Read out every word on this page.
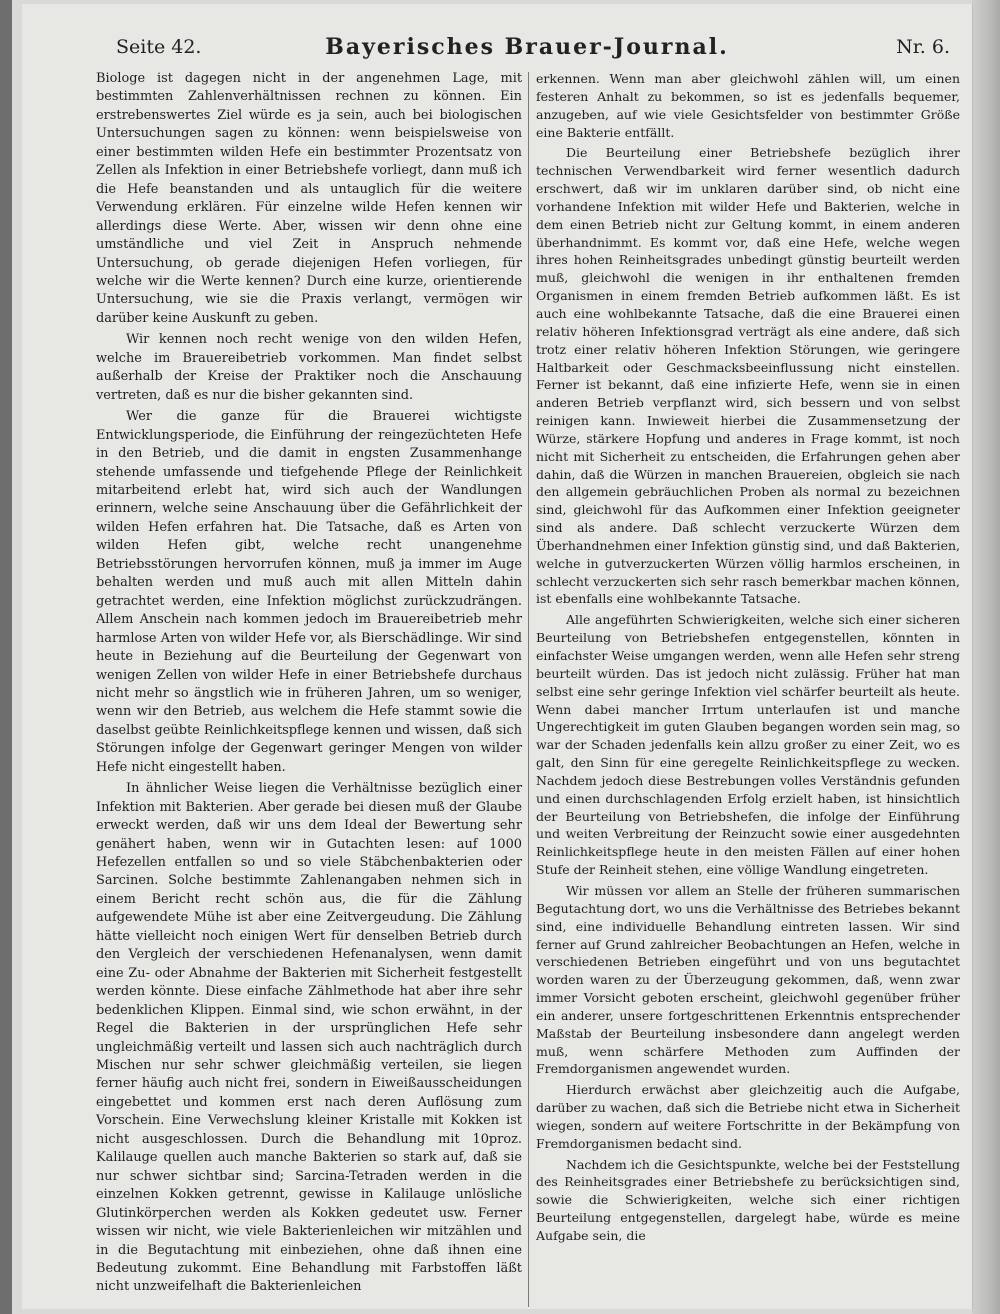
Seite 42.	Bayerisches Brauer-Journal.	Nr. 6.

Biologe ist dagegen nicht in der angenehmen Lage, mit bestimmten Zahlenverhältnissen rechnen zu können. Ein erstrebenswertes Ziel würde es ja sein, auch bei biologischen Untersuchungen sagen zu können: wenn beispielsweise von einer bestimmten wilden Hefe ein bestimmter Prozentsatz von Zellen als Infektion in einer Betriebshefe vorliegt, dann muß ich die Hefe beanstanden und als untauglich für die weitere Verwendung erklären. Für einzelne wilde Hefen kennen wir allerdings diese Werte. Aber, wissen wir denn ohne eine umständliche und viel Zeit in Anspruch nehmende Untersuchung, ob gerade diejenigen Hefen vorliegen, für welche wir die Werte kennen? Durch eine kurze, orientierende Untersuchung, wie sie die Praxis verlangt, vermögen wir darüber keine Auskunft zu geben.

Wir kennen noch recht wenige von den wilden Hefen, welche im Brauereibetrieb vorkommen. Man findet selbst außerhalb der Kreise der Praktiker noch die Anschauung vertreten, daß es nur die bisher gekannten sind.

Wer die ganze für die Brauerei wichtigste Entwicklungsperiode, die Einführung der reingezüchteten Hefe in den Betrieb, und die damit in engsten Zusammenhange stehende umfassende und tiefgehende Pflege der Reinlichkeit mitarbeitend erlebt hat, wird sich auch der Wandlungen erinnern, welche seine Anschauung über die Gefährlichkeit der wilden Hefen erfahren hat. Die Tatsache, daß es Arten von wilden Hefen gibt, welche recht unangenehme Betriebsstörungen hervorrufen können, muß ja immer im Auge behalten werden und muß auch mit allen Mitteln dahin getrachtet werden, eine Infektion möglichst zurückzudrängen. Allem Anschein nach kommen jedoch im Brauereibetrieb mehr harmlose Arten von wilder Hefe vor, als Bierschädlinge. Wir sind heute in Beziehung auf die Beurteilung der Gegenwart von wenigen Zellen von wilder Hefe in einer Betriebshefe durchaus nicht mehr so ängstlich wie in früheren Jahren, um so weniger, wenn wir den Betrieb, aus welchem die Hefe stammt sowie die daselbst geübte Reinlichkeitspflege kennen und wissen, daß sich Störungen infolge der Gegenwart geringer Mengen von wilder Hefe nicht eingestellt haben.

In ähnlicher Weise liegen die Verhältnisse bezüglich einer Infektion mit Bakterien. Aber gerade bei diesen muß der Glaube erweckt werden, daß wir uns dem Ideal der Bewertung sehr genähert haben, wenn wir in Gutachten lesen: auf 1000 Hefezellen entfallen so und so viele Stäbchenbakterien oder Sarcinen. Solche bestimmte Zahlenangaben nehmen sich in einem Bericht recht schön aus, die für die Zählung aufgewendete Mühe ist aber eine Zeitvergeudung. Die Zählung hätte vielleicht noch einigen Wert für denselben Betrieb durch den Vergleich der verschiedenen Hefenanalysen, wenn damit eine Zu- oder Abnahme der Bakterien mit Sicherheit festgestellt werden könnte. Diese einfache Zählmethode hat aber ihre sehr bedenklichen Klippen. Einmal sind, wie schon erwähnt, in der Regel die Bakterien in der ursprünglichen Hefe sehr ungleichmäßig verteilt und lassen sich auch nachträglich durch Mischen nur sehr schwer gleichmäßig verteilen, sie liegen ferner häufig auch nicht frei, sondern in Eiweißausscheidungen eingebettet und kommen erst nach deren Auflösung zum Vorschein. Eine Verwechslung kleiner Kristalle mit Kokken ist nicht ausgeschlossen. Durch die Behandlung mit 10proz. Kalilauge quellen auch manche Bakterien so stark auf, daß sie nur schwer sichtbar sind; Sarcina-Tetraden werden in die einzelnen Kokken getrennt, gewisse in Kalilauge unlösliche Glutinkörperchen werden als Kokken gedeutet usw. Ferner wissen wir nicht, wie viele Bakterienleichen wir mitzählen und in die Begutachtung mit einbeziehen, ohne daß ihnen eine Bedeutung zukommt. Eine Behandlung mit Farbstoffen läßt nicht unzweifelhaft die Bakterienleichen

erkennen. Wenn man aber gleichwohl zählen will, um einen festeren Anhalt zu bekommen, so ist es jedenfalls bequemer, anzugeben, auf wie viele Gesichtsfelder von bestimmter Größe eine Bakterie entfällt.

Die Beurteilung einer Betriebshefe bezüglich ihrer technischen Verwendbarkeit wird ferner wesentlich dadurch erschwert, daß wir im unklaren darüber sind, ob nicht eine vorhandene Infektion mit wilder Hefe und Bakterien, welche in dem einen Betrieb nicht zur Geltung kommt, in einem anderen überhandnimmt. Es kommt vor, daß eine Hefe, welche wegen ihres hohen Reinheitsgrades unbedingt günstig beurteilt werden muß, gleichwohl die wenigen in ihr enthaltenen fremden Organismen in einem fremden Betrieb aufkommen läßt. Es ist auch eine wohlbekannte Tatsache, daß die eine Brauerei einen relativ höheren Infektionsgrad verträgt als eine andere, daß sich trotz einer relativ höheren Infektion Störungen, wie geringere Haltbarkeit oder Geschmacksbeeinflussung nicht einstellen. Ferner ist bekannt, daß eine infizierte Hefe, wenn sie in einen anderen Betrieb verpflanzt wird, sich bessern und von selbst reinigen kann. Inwieweit hierbei die Zusammensetzung der Würze, stärkere Hopfung und anderes in Frage kommt, ist noch nicht mit Sicherheit zu entscheiden, die Erfahrungen gehen aber dahin, daß die Würzen in manchen Brauereien, obgleich sie nach den allgemein gebräuchlichen Proben als normal zu bezeichnen sind, gleichwohl für das Aufkommen einer Infektion geeigneter sind als andere. Daß schlecht verzuckerte Würzen dem Überhandnehmen einer Infektion günstig sind, und daß Bakterien, welche in gutverzuckerten Würzen völlig harmlos erscheinen, in schlecht verzuckerten sich sehr rasch bemerkbar machen können, ist ebenfalls eine wohlbekannte Tatsache.

Alle angeführten Schwierigkeiten, welche sich einer sicheren Beurteilung von Betriebshefen entgegenstellen, könnten in einfachster Weise umgangen werden, wenn alle Hefen sehr streng beurteilt würden. Das ist jedoch nicht zulässig. Früher hat man selbst eine sehr geringe Infektion viel schärfer beurteilt als heute. Wenn dabei mancher Irrtum unterlaufen ist und manche Ungerechtigkeit im guten Glauben begangen worden sein mag, so war der Schaden jedenfalls kein allzu großer zu einer Zeit, wo es galt, den Sinn für eine geregelte Reinlichkeitspflege zu wecken. Nachdem jedoch diese Bestrebungen volles Verständnis gefunden und einen durchschlagenden Erfolg erzielt haben, ist hinsichtlich der Beurteilung von Betriebshefen, die infolge der Einführung und weiten Verbreitung der Reinzucht sowie einer ausgedehnten Reinlichkeitspflege heute in den meisten Fällen auf einer hohen Stufe der Reinheit stehen, eine völlige Wandlung eingetreten.

Wir müssen vor allem an Stelle der früheren summarischen Begutachtung dort, wo uns die Verhältnisse des Betriebes bekannt sind, eine individuelle Behandlung eintreten lassen. Wir sind ferner auf Grund zahlreicher Beobachtungen an Hefen, welche in verschiedenen Betrieben eingeführt und von uns begutachtet worden waren zu der Überzeugung gekommen, daß, wenn zwar immer Vorsicht geboten erscheint, gleichwohl gegenüber früher ein anderer, unsere fortgeschrittenen Erkenntnis entsprechender Maßstab der Beurteilung insbesondere dann angelegt werden muß, wenn schärfere Methoden zum Auffinden der Fremdorganismen angewendet wurden.

Hierdurch erwächst aber gleichzeitig auch die Aufgabe, darüber zu wachen, daß sich die Betriebe nicht etwa in Sicherheit wiegen, sondern auf weitere Fortschritte in der Bekämpfung von Fremdorganismen bedacht sind.

Nachdem ich die Gesichtspunkte, welche bei der Feststellung des Reinheitsgrades einer Betriebshefe zu berücksichtigen sind, sowie die Schwierigkeiten, welche sich einer richtigen Beurteilung entgegenstellen, dargelegt habe, würde es meine Aufgabe sein, die
